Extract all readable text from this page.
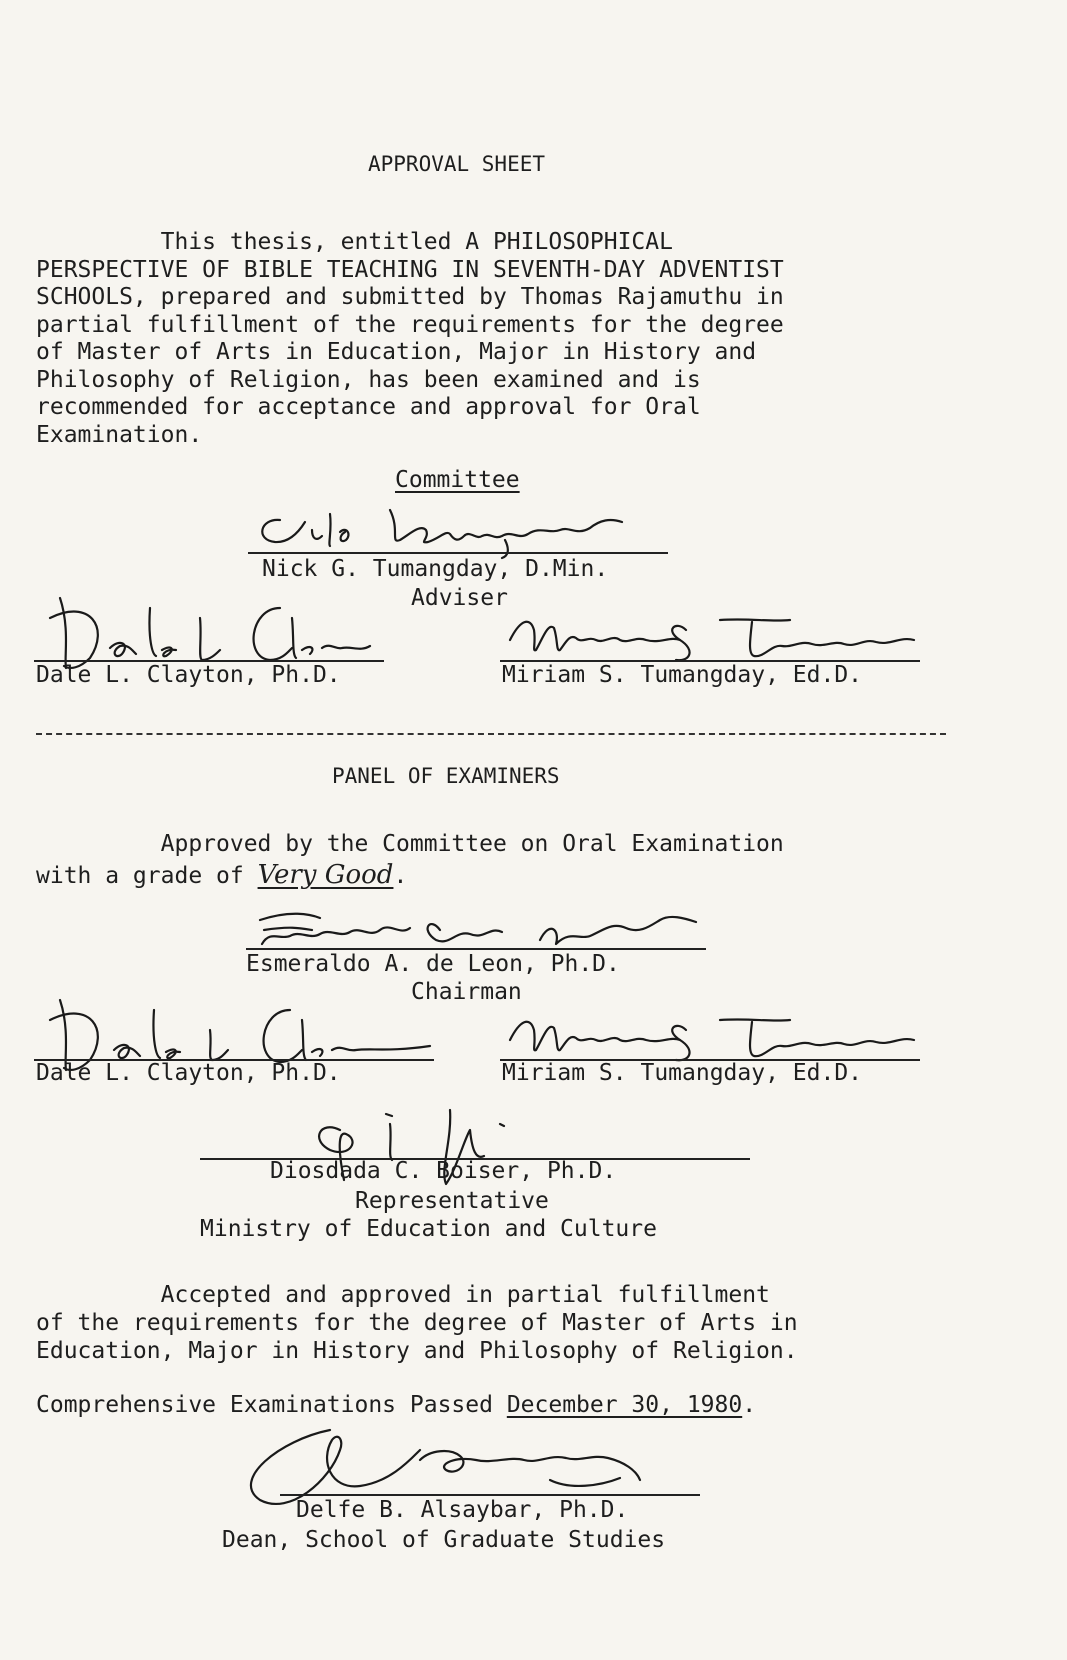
APPROVAL SHEET
This thesis, entitled A PHILOSOPHICAL
PERSPECTIVE OF BIBLE TEACHING IN SEVENTH-DAY ADVENTIST
SCHOOLS, prepared and submitted by Thomas Rajamuthu in
partial fulfillment of the requirements for the degree
of Master of Arts in Education, Major in History and
Philosophy of Religion, has been examined and is
recommended for acceptance and approval for Oral
Examination.
Committee
Nick G. Tumangday, D.Min.
Adviser
Dale L. Clayton, Ph.D.	Miriam S. Tumangday, Ed.D.
PANEL OF EXAMINERS
Approved by the Committee on Oral Examination
with a grade of Very Good.
Esmeraldo A. de Leon, Ph.D.
Chairman
Dale L. Clayton, Ph.D.	Miriam S. Tumangday, Ed.D.
Diosdada C. Boiser, Ph.D.
Representative
Ministry of Education and Culture
Accepted and approved in partial fulfillment
of the requirements for the degree of Master of Arts in
Education, Major in History and Philosophy of Religion.
Comprehensive Examinations Passed December 30, 1980.
Delfe B. Alsaybar, Ph.D.
Dean, School of Graduate Studies
